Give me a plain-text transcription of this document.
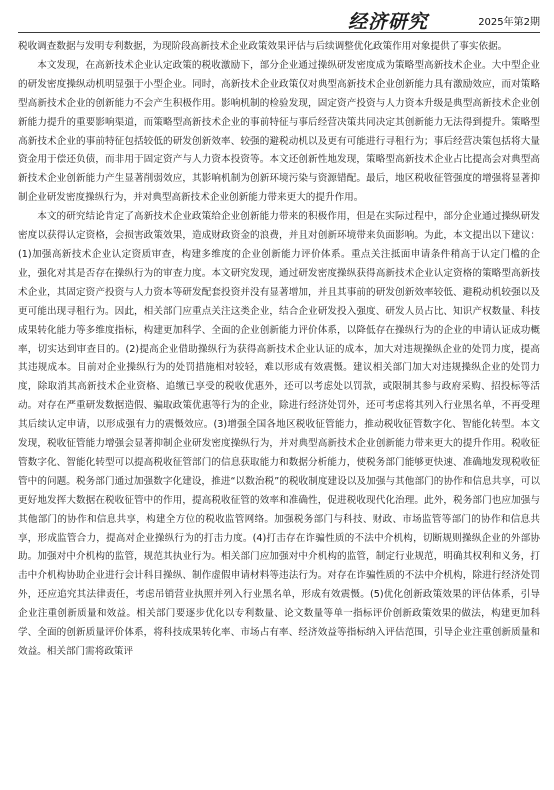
经济研究	2025年第2期

税收调查数据与发明专利数据，为现阶段高新技术企业政策效果评估与后续调整优化政策作用对象提供了事实依据。

本文发现，在高新技术企业认定政策的税收激励下，部分企业通过操纵研发密度成为策略型高新技术企业。大中型企业的研发密度操纵动机明显强于小型企业。同时，高新技术企业政策仅对典型高新技术企业创新能力具有激励效应，而对策略型高新技术企业的创新能力不会产生积极作用。影响机制的检验发现，固定资产投资与人力资本升级是典型高新技术企业创新能力提升的重要影响渠道，而策略型高新技术企业的事前特征与事后经营决策共同决定其创新能力无法得到提升。策略型高新技术企业的事前特征包括较低的研发创新效率、较强的避税动机以及更有可能进行寻租行为；事后经营决策包括将大量资金用于偿还负债，而非用于固定资产与人力资本投资等。本文还创新性地发现，策略型高新技术企业占比提高会对典型高新技术企业创新能力产生显著削弱效应，其影响机制为创新环境污染与资源错配。最后，地区税收征管强度的增强将显著抑制企业研发密度操纵行为，并对典型高新技术企业创新能力带来更大的提升作用。

本文的研究结论肯定了高新技术企业政策给企业创新能力带来的积极作用，但是在实际过程中，部分企业通过操纵研发密度以获得认定资格，会损害政策效果，造成财政资金的浪费，并且对创新环境带来负面影响。为此，本文提出以下建议：(1)加强高新技术企业认定资质审查，构建多维度的企业创新能力评价体系。重点关注抵面申请条件稍高于认定门槛的企业，强化对其是否存在操纵行为的审查力度。本文研究发现，通过研发密度操纵获得高新技术企业认定资格的策略型高新技术企业，其固定资产投资与人力资本等研发配套投资并没有显著增加，并且其事前的研发创新效率较低、避税动机较强以及更可能出现寻租行为。因此，相关部门应重点关注这类企业，结合企业研发投入强度、研发人员占比、知识产权数量、科技成果转化能力等多维度指标，构建更加科学、全面的企业创新能力评价体系，以降低存在操纵行为的企业的申请认证成功概率，切实达到审查目的。(2)提高企业借助操纵行为获得高新技术企业认证的成本，加大对违规操纵企业的处罚力度，提高其违规成本。目前对企业操纵行为的处罚措施相对较轻，难以形成有效震慑。建议相关部门加大对违规操纵企业的处罚力度，除取消其高新技术企业资格、追缴已享受的税收优惠外，还可以考虑处以罚款，或限制其参与政府采购、招投标等活动。对存在严重研发数据造假、骗取政策优惠等行为的企业，除进行经济处罚外，还可考虑将其列入行业黑名单，不再受理其后续认定申请，以形成强有力的震慑效应。(3)增强全国各地区税收征管能力，推动税收征管数字化、智能化转型。本文发现，税收征管能力增强会显著抑制企业研发密度操纵行为，并对典型高新技术企业创新能力带来更大的提升作用。税收征管数字化、智能化转型可以提高税收征管部门的信息获取能力和数据分析能力，使税务部门能够更快速、准确地发现税收征管中的问题。税务部门通过加强数字化建设，推进“以数治税”的税收制度建设以及加强与其他部门的协作和信息共享，可以更好地发挥大数据在税收征管中的作用，提高税收征管的效率和准确性，促进税收现代化治理。此外，税务部门也应加强与其他部门的协作和信息共享，构建全方位的税收监管网络。加强税务部门与科技、财政、市场监管等部门的协作和信息共享，形成监管合力，提高对企业操纵行为的打击力度。(4)打击存在诈骗性质的不法中介机构，切断规则操纵企业的外部协助。加强对中介机构的监管，规范其执业行为。相关部门应加强对中介机构的监管，制定行业规范，明确其权利和义务，打击中介机构协助企业进行会计科目操纵、制作虚假申请材料等违法行为。对存在诈骗性质的不法中介机构，除进行经济处罚外，还应追究其法律责任，考虑吊销营业执照并列入行业黑名单，形成有效震慑。(5)优化创新政策效果的评估体系，引导企业注重创新质量和效益。相关部门要逐步优化以专利数量、论文数量等单一指标评价创新政策效果的做法，构建更加科学、全面的创新质量评价体系，将科技成果转化率、市场占有率、经济效益等指标纳入评估范围，引导企业注重创新质量和效益。相关部门需将政策评
